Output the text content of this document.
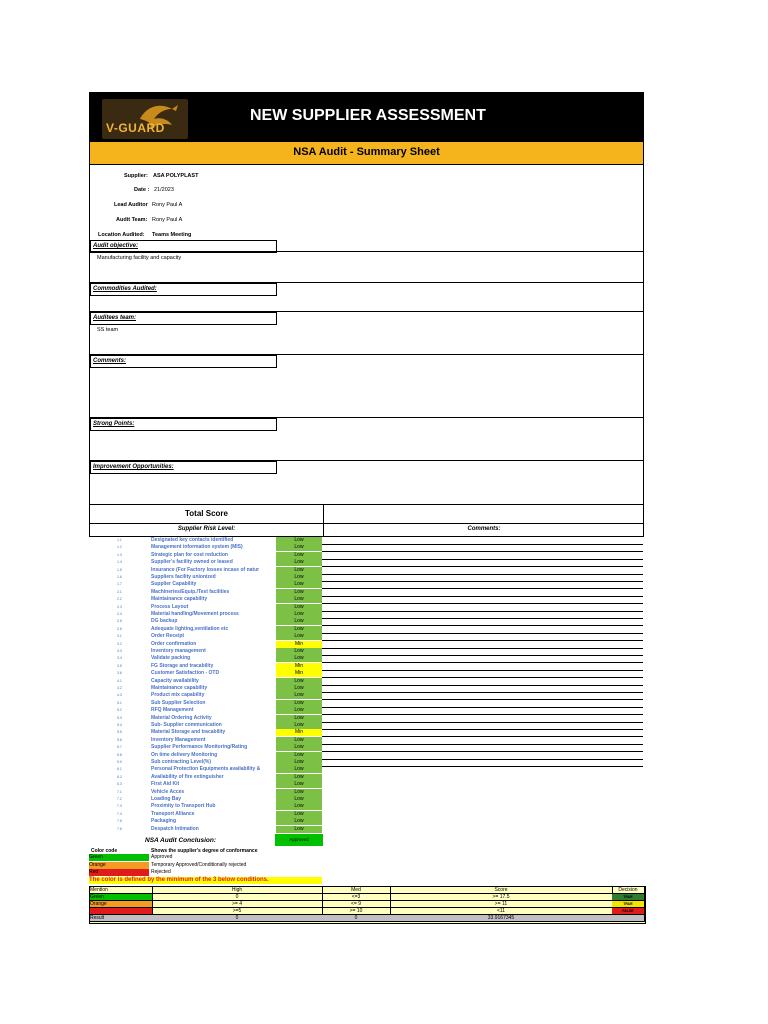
V-GUARD
NEW SUPPLIER ASSESSMENT
NSA Audit - Summary Sheet
Supplier: ASA POLYPLAST
Date : 21/2023
Lead Auditor Rony Paul A
Audit Team: Rony Paul A
Location Audited: Teams Meeting
Audit objective:
Manufacturing facility and capacity
Commodities Audited:
Auditees team:
SS team
Comments:
Strong Points:
Improvement Opportunities:
Total Score
Supplier Risk Level:	Comments:
1.1	Designated key contacts identified	Low
1.2	Management information system (MIS)	Low
1.3	Strategic plan for cost reduction	Low
1.4	Supplier's facility owned or leased	Low
1.5	Insurance (For Factory losses incase of natur	Low
1.6	Suppliers facility unionized	Low
1.7	Supplier Capability	Low
2.1	Machineries/Equip./Test facilities	Low
2.2	Maintainance capability	Low
2.3	Process Layout	Low
2.4	Material handling/Movement process	Low
2.5	DG backup	Low
2.6	Adequate lighting,ventilation etc	Low
3.1	Order Receipt	Low
3.2	Order confirmation	Min
3.3	Inventory management	Low
3.4	Validate packing	Low
3.5	FG Storage and tracability	Min
3.6	Customer Satisfaction - OTD	Min
4.1	Capacity availability	Low
4.2	Maintainance capability	Low
4.3	Product mix capability	Low
5.1	Sub Supplier Selection	Low
5.2	RFQ Management	Low
5.3	Material Ordering Activity	Low
5.4	Sub- Supplier communication	Low
5.5	Material Storage and tracability	Min
5.6	Inventory Management	Low
5.7	Supplier Performance Monitoring/Rating	Low
5.8	On time delivery Monitoring	Low
5.9	Sub contracting Level(%)	Low
6.1	Personal Protection Equipments availability &	Low
6.2	Availability of fire extinguisher	Low
6.3	First Aid Kit	Low
7.1	Vehicle Acces	Low
7.2	Loading Bay	Low
7.3	Proximity to Transport Hub	Low
7.4	Transport Alliance	Low
7.5	Packaging	Low
7.6	Despatch Intimation	Low
NSA Audit Conclusion:	Approved
Color code	Shows the supplier's degree of conformance
Green	Approved
Orange	Temporary Approved/Conditionally rejected
Red	Rejected
The color is defined by the minimum of the 3 below conditions.
Mention	High	Med	Score	Decision
Green	0	<=3	>= 17.5	TRUE
Orange	>= 4	<= 9	>= 11	TRUE
Red	>=5	>= 10	<11	FALSE
Result	0	0	33.9167345
